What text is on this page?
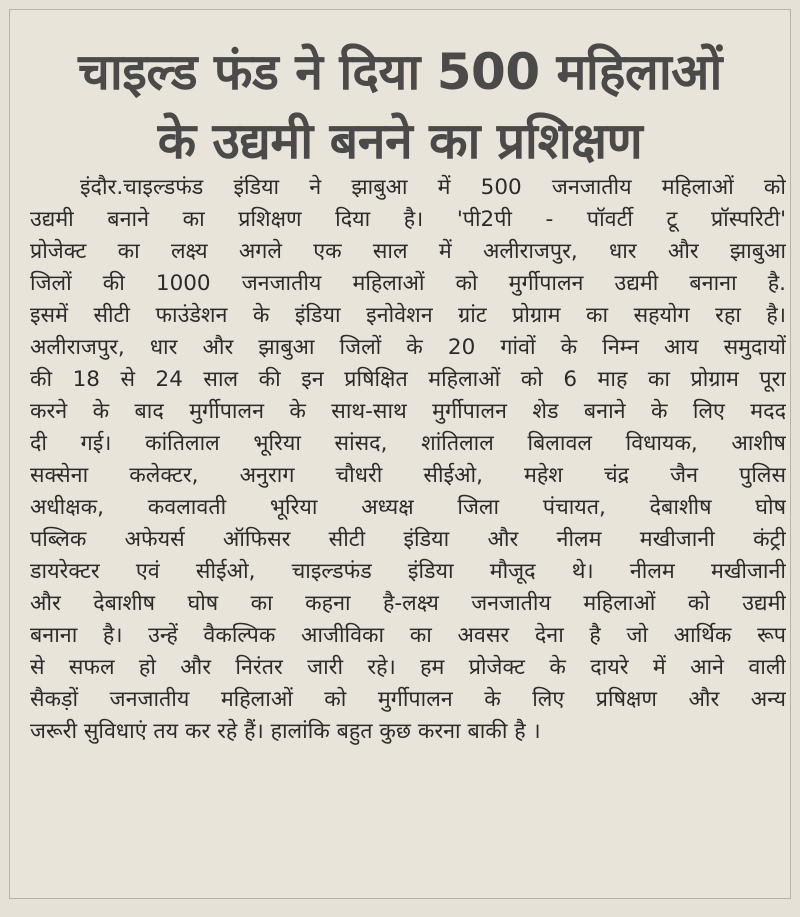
चाइल्ड फंड ने दिया 500 महिलाओं
के उद्यमी बनने का प्रशिक्षण
इंदौर.चाइल्डफंड इंडिया ने झाबुआ में 500 जनजातीय महिलाओं को
उद्यमी बनाने का प्रशिक्षण दिया है। 'पी2पी - पॉवर्टी टू प्रॉस्परिटी'
प्रोजेक्ट का लक्ष्य अगले एक साल में अलीराजपुर, धार और झाबुआ
जिलों की 1000 जनजातीय महिलाओं को मुर्गीपालन उद्यमी बनाना है.
इसमें सीटी फाउंडेशन के इंडिया इनोवेशन ग्रांट प्रोग्राम का सहयोग रहा है।
अलीराजपुर, धार और झाबुआ जिलों के 20 गांवों के निम्न आय समुदायों
की 18 से 24 साल की इन प्रषिक्षित महिलाओं को 6 माह का प्रोग्राम पूरा
करने के बाद मुर्गीपालन के साथ-साथ मुर्गीपालन शेड बनाने के लिए मदद
दी गई। कांतिलाल भूरिया सांसद, शांतिलाल बिलावल विधायक, आशीष
सक्सेना कलेक्टर, अनुराग चौधरी सीईओ, महेश चंद्र जैन पुलिस
अधीक्षक, कवलावती भूरिया अध्यक्ष जिला पंचायत, देबाशीष घोष
पब्लिक अफेयर्स ऑफिसर सीटी इंडिया और नीलम मखीजानी कंट्री
डायरेक्टर एवं सीईओ, चाइल्डफंड इंडिया मौजूद थे। नीलम मखीजानी
और देबाशीष घोष का कहना है-लक्ष्य जनजातीय महिलाओं को उद्यमी
बनाना है। उन्हें वैकल्पिक आजीविका का अवसर देना है जो आर्थिक रूप
से सफल हो और निरंतर जारी रहे। हम प्रोजेक्ट के दायरे में आने वाली
सैकड़ों जनजातीय महिलाओं को मुर्गीपालन के लिए प्रषिक्षण और अन्य
जरूरी सुविधाएं तय कर रहे हैं। हालांकि बहुत कुछ करना बाकी है ।
